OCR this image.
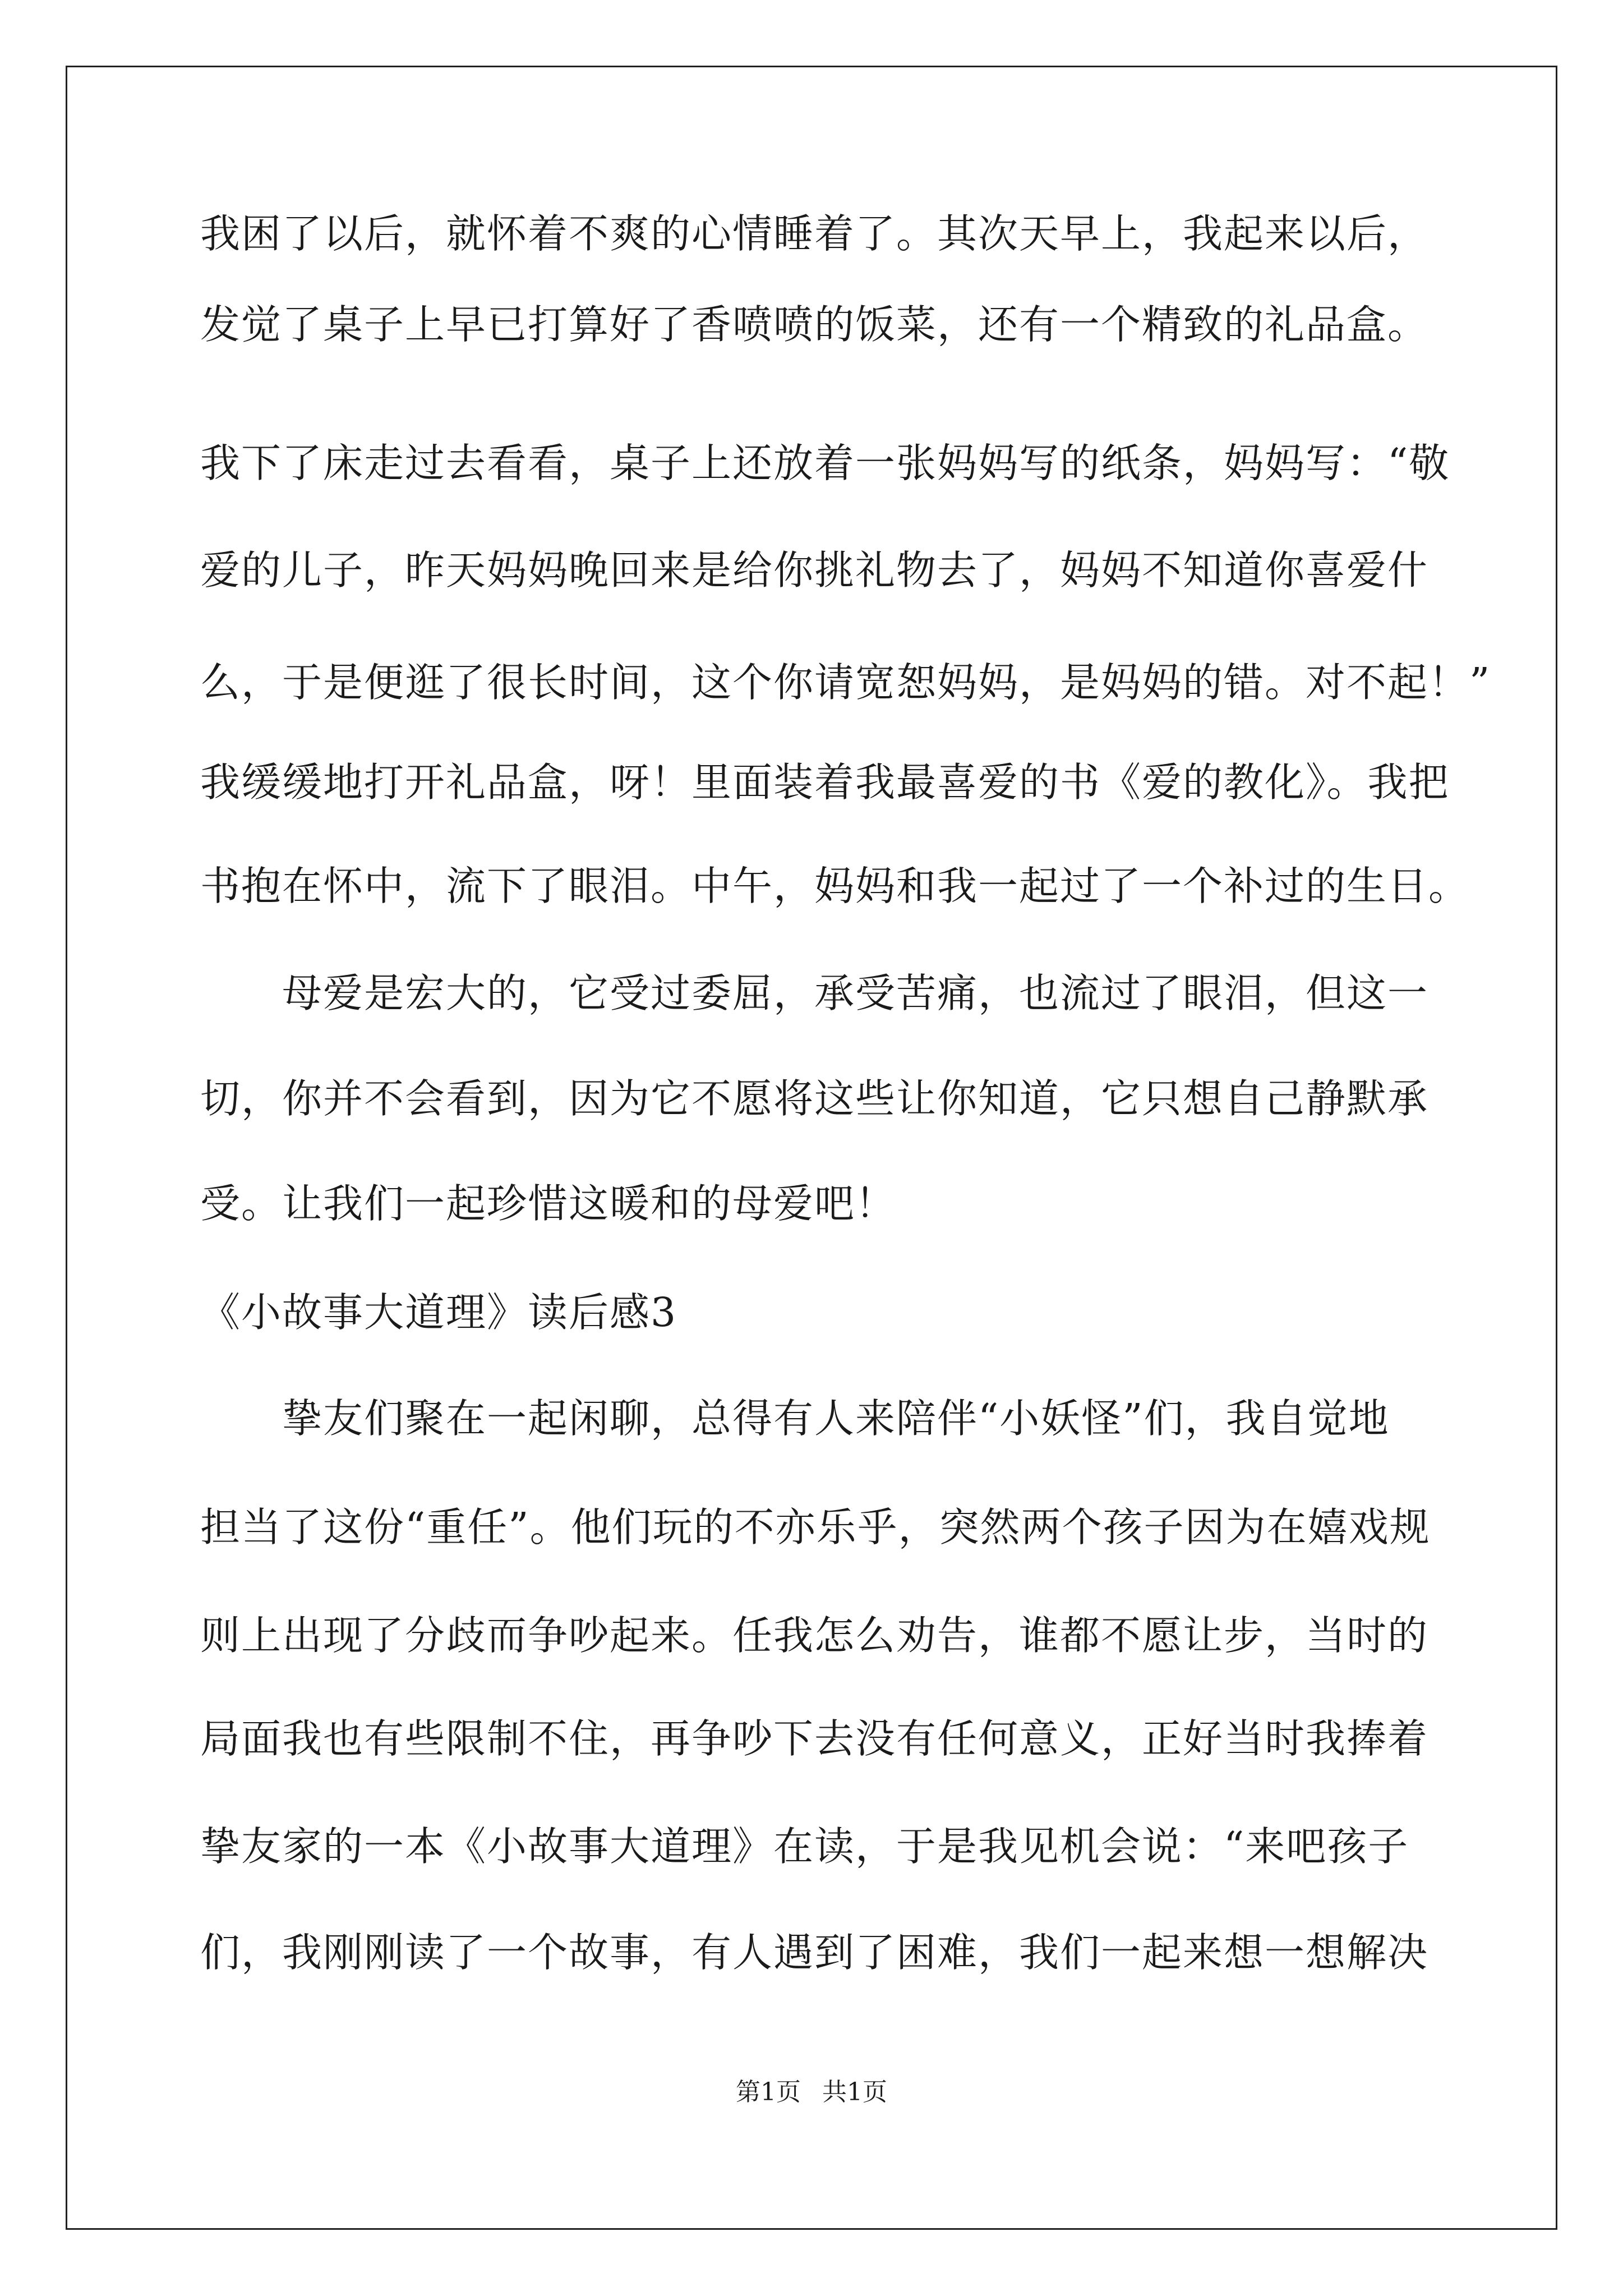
我困了以后，就怀着不爽的心情睡着了。其次天早上，我起来以后，

发觉了桌子上早已打算好了香喷喷的饭菜，还有一个精致的礼品盒。

我下了床走过去看看，桌子上还放着一张妈妈写的纸条，妈妈写：“敬

爱的儿子，昨天妈妈晚回来是给你挑礼物去了，妈妈不知道你喜爱什

么，于是便逛了很长时间，这个你请宽恕妈妈，是妈妈的错。对不起！”

我缓缓地打开礼品盒，呀！里面装着我最喜爱的书《爱的教化》。我把

书抱在怀中，流下了眼泪。中午，妈妈和我一起过了一个补过的生日。

　　母爱是宏大的，它受过委屈，承受苦痛，也流过了眼泪，但这一

切，你并不会看到，因为它不愿将这些让你知道，它只想自己静默承

受。让我们一起珍惜这暖和的母爱吧！

《小故事大道理》读后感3

　　挚友们聚在一起闲聊，总得有人来陪伴“小妖怪”们，我自觉地

担当了这份“重任”。他们玩的不亦乐乎，突然两个孩子因为在嬉戏规

则上出现了分歧而争吵起来。任我怎么劝告，谁都不愿让步，当时的

局面我也有些限制不住，再争吵下去没有任何意义，正好当时我捧着

挚友家的一本《小故事大道理》在读，于是我见机会说：“来吧孩子

们，我刚刚读了一个故事，有人遇到了困难，我们一起来想一想解决

第1页 共1页
